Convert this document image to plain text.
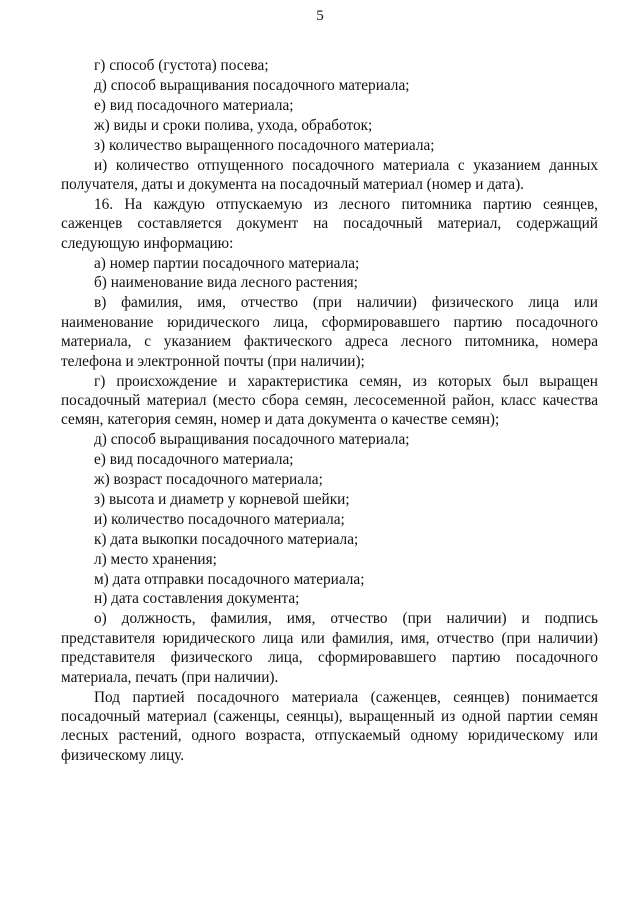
5

г) способ (густота) посева;

д) способ выращивания посадочного материала;

е) вид посадочного материала;

ж) виды и сроки полива, ухода, обработок;

з) количество выращенного посадочного материала;

и) количество отпущенного посадочного материала с указанием данных получателя, даты и документа на посадочный материал (номер и дата).

16. На каждую отпускаемую из лесного питомника партию сеянцев, саженцев составляется документ на посадочный материал, содержащий следующую информацию:

а) номер партии посадочного материала;

б) наименование вида лесного растения;

в) фамилия, имя, отчество (при наличии) физического лица или наименование юридического лица, сформировавшего партию посадочного материала, с указанием фактического адреса лесного питомника, номера телефона и электронной почты (при наличии);

г) происхождение и характеристика семян, из которых был выращен посадочный материал (место сбора семян, лесосеменной район, класс качества семян, категория семян, номер и дата документа о качестве семян);

д) способ выращивания посадочного материала;

е) вид посадочного материала;

ж) возраст посадочного материала;

з) высота и диаметр у корневой шейки;

и) количество посадочного материала;

к) дата выкопки посадочного материала;

л) место хранения;

м) дата отправки посадочного материала;

н) дата составления документа;

о) должность, фамилия, имя, отчество (при наличии) и подпись представителя юридического лица или фамилия, имя, отчество (при наличии) представителя физического лица, сформировавшего партию посадочного материала, печать (при наличии).

Под партией посадочного материала (саженцев, сеянцев) понимается посадочный материал (саженцы, сеянцы), выращенный из одной партии семян лесных растений, одного возраста, отпускаемый одному юридическому или физическому лицу.
